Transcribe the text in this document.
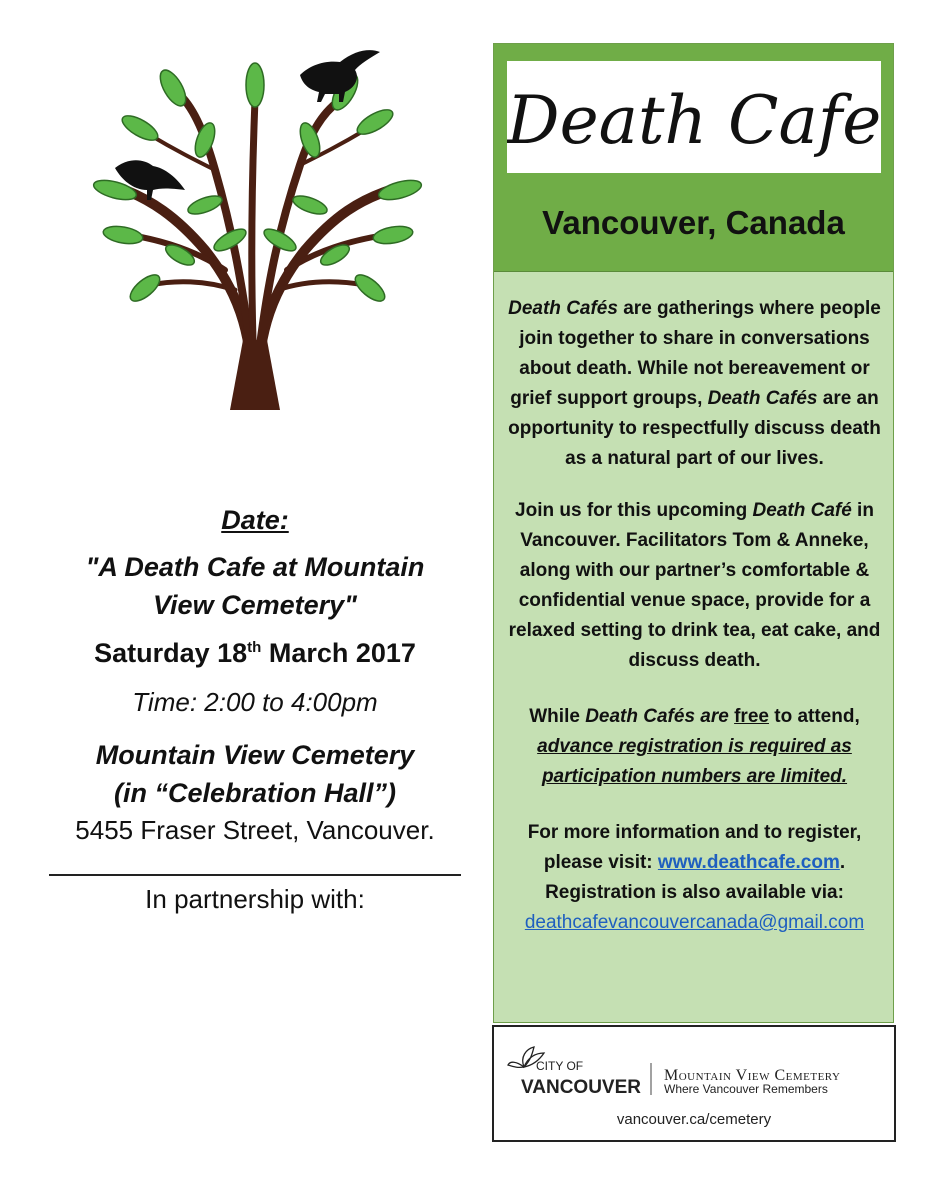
Date:

"A Death Cafe at Mountain
View Cemetery"

Saturday 18th March 2017

Time: 2:00 to 4:00pm

Mountain View Cemetery
(in “Celebration Hall”)

5455 Fraser Street, Vancouver.

In partnership with:

Death Cafe
Vancouver, Canada

Death Cafés are gatherings where people join together to share in conversations about death. While not bereavement or grief support groups, Death Cafés are an opportunity to respectfully discuss death as a natural part of our lives.

Join us for this upcoming Death Café in Vancouver. Facilitators Tom & Anneke, along with our partner’s comfortable & confidential venue space, provide for a relaxed setting to drink tea, eat cake, and discuss death.

While Death Cafés are free to attend, advance registration is required as participation numbers are limited.

For more information and to register, please visit: www.deathcafe.com.
Registration is also available via:
deathcafevancouvercanada@gmail.com

CITY OF
VANCOUVER
Mountain View Cemetery
Where Vancouver Remembers
vancouver.ca/cemetery
